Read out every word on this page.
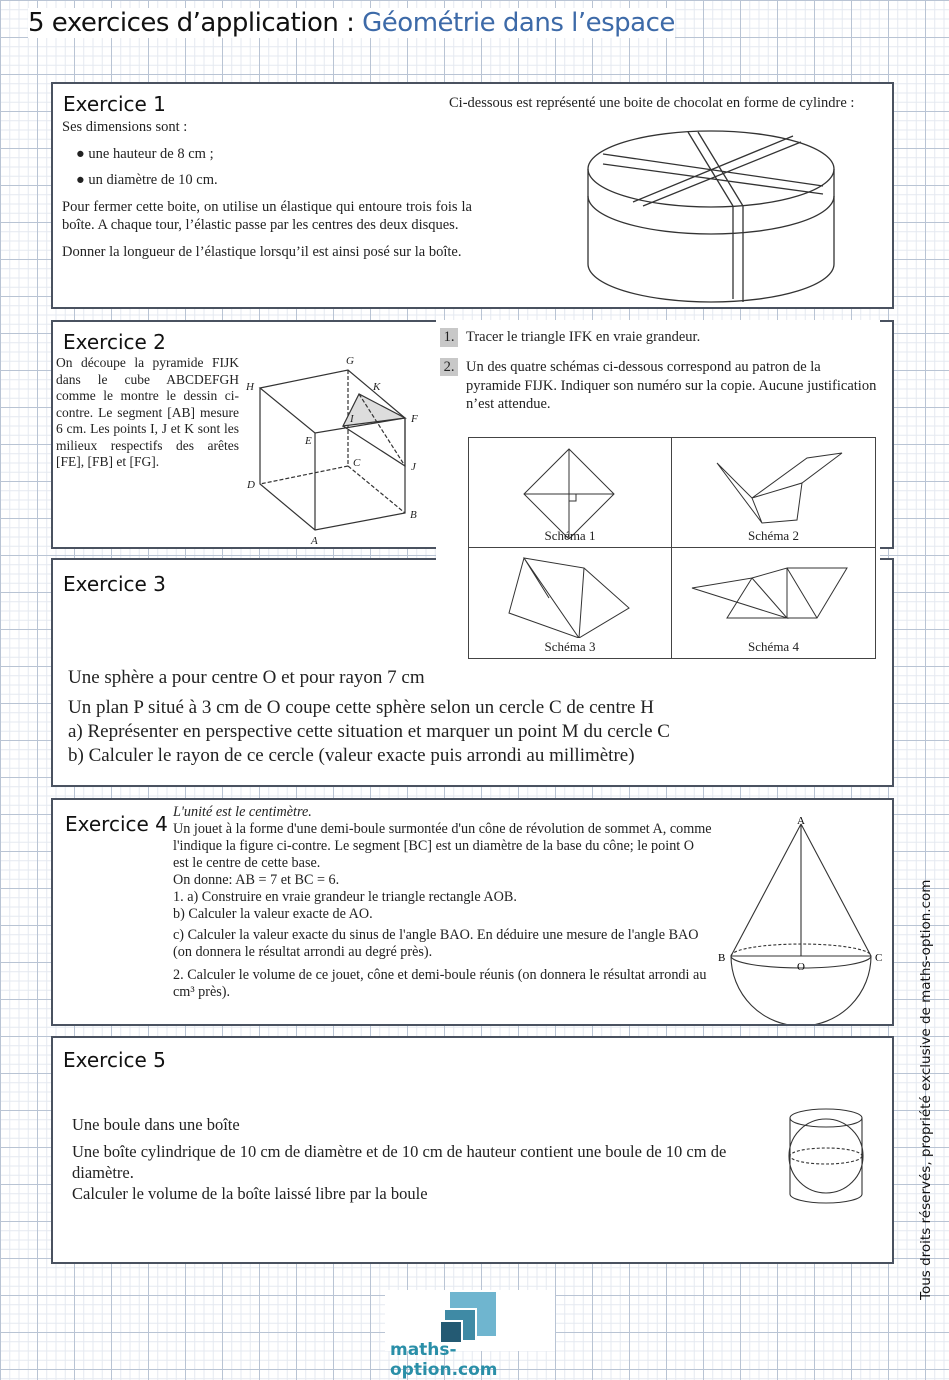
5 exercices d’application : Géométrie dans l’espace
Exercice 1

Ses dimensions sont :

● une hauteur de 8 cm ;

● un diamètre de 10 cm.

Pour fermer cette boite, on utilise un élastique qui entoure trois fois la boîte. A chaque tour, l’élastic passe par les centres des deux disques.

Donner la longueur de l’élastique lorsqu’il est ainsi posé sur la boîte.

Ci-dessous est représenté une boite de chocolat en forme de cylindre :
Exercice 2
On découpe la pyramide FIJK dans le cube ABCDEFGH comme le montre le dessin ci-contre. Le segment [AB] mesure 6 cm. Les points I, J et K sont les milieux respectifs des arêtes [FE], [FB] et [FG].
G
H	K
I	F
E
C	J
D
B
A
Exercice 3

Une sphère a pour centre O et pour rayon 7 cm

Un plan P situé à 3 cm de O coupe cette sphère selon un cercle C de centre H

a) Représenter en perspective cette situation et marquer un point M du cercle C

b) Calculer le rayon de ce cercle (valeur exacte puis arrondi au millimètre)

1. Tracer le triangle IFK en vraie grandeur.
2. Un des quatre schémas ci-dessous correspond au patron de la pyramide FIJK. Indiquer son numéro sur la copie. Aucune justification n’est attendue.
Schéma 1	Schéma 2
Schéma 3	Schéma 4
Exercice 4 L'unité est le centimètre.

Un jouet à la forme d'une demi-boule surmontée d'un cône de révolution de sommet A, comme l'indique la figure ci-contre. Le segment [BC] est un diamètre de la base du cône; le point O est le centre de cette base.

On donne: AB = 7 et BC = 6.

1. a) Construire en vraie grandeur le triangle rectangle AOB.

b) Calculer la valeur exacte de AO.

c) Calculer la valeur exacte du sinus de l'angle BAO. En déduire une mesure de l'angle BAO (on donnera le résultat arrondi au degré près).

2. Calculer le volume de ce jouet, cône et demi-boule réunis (on donnera le résultat arrondi au cm³ près).

A
B
O
C
Exercice 5

Une boule dans une boîte

Une boîte cylindrique de 10 cm de diamètre et de 10 cm de hauteur contient une boule de 10 cm de diamètre.

Calculer le volume de la boîte laissé libre par la boule	Tous droits réservés, propriété exclusive de maths-option.com
maths-option.com
